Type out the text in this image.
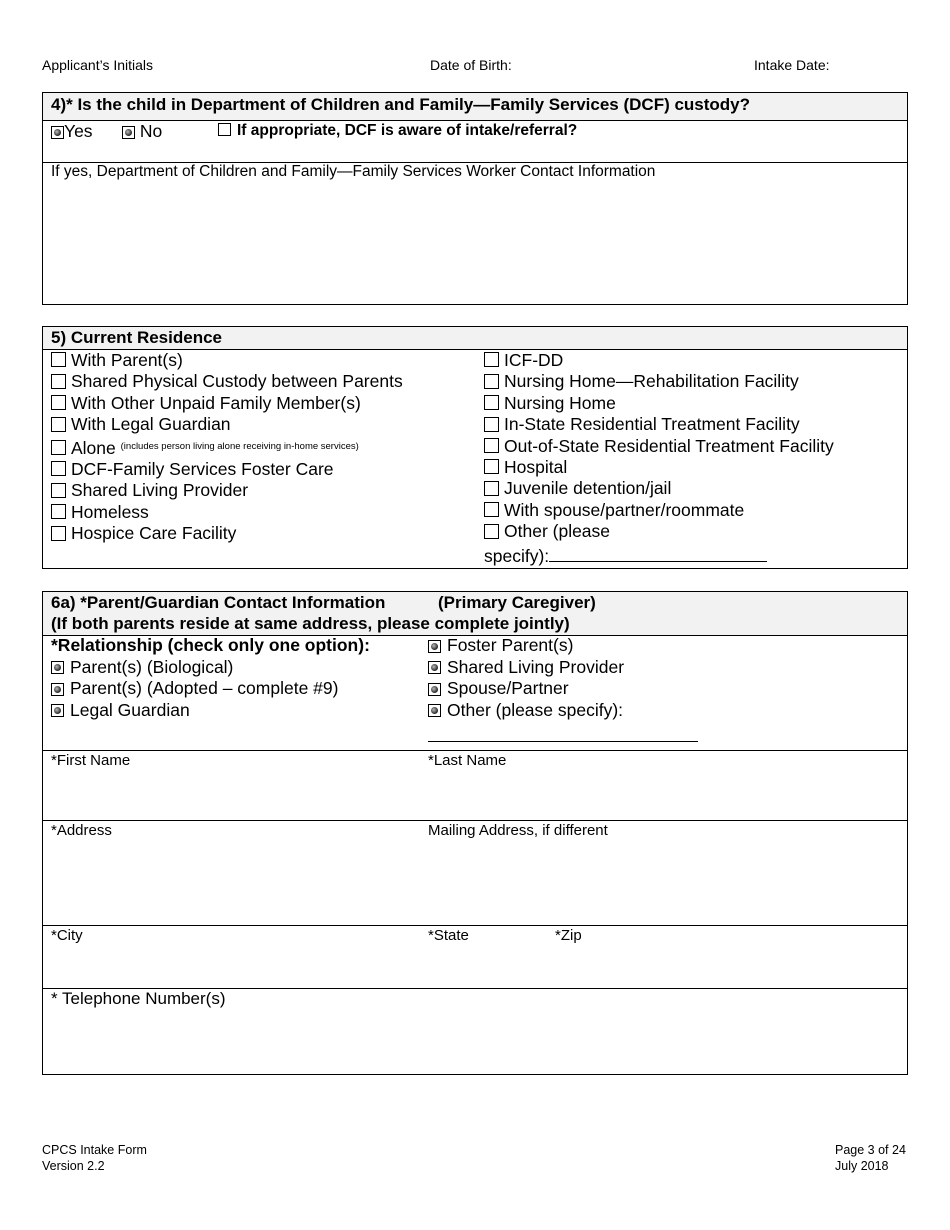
Applicant’s Initials	Date of Birth:	Intake Date:
4)* Is the child in Department of Children and Family—Family Services (DCF) custody?
Yes	No	If appropriate, DCF is aware of intake/referral?
If yes, Department of Children and Family—Family Services Worker Contact Information
5) Current Residence
With Parent(s)
Shared Physical Custody between Parents
With Other Unpaid Family Member(s)
With Legal Guardian
Alone $^{(includes person living alone receiving in-home services)}$
DCF-Family Services Foster Care
Shared Living Provider
Homeless
Hospice Care Facility
ICF-DD
Nursing Home—Rehabilitation Facility
Nursing Home
In-State Residential Treatment Facility
Out-of-State Residential Treatment Facility
Hospital
Juvenile detention/jail
With spouse/partner/roommate
Other (please
specify):
6a) *Parent/Guardian Contact Information	(Primary Caregiver)
(If both parents reside at same address, please complete jointly)
*Relationship (check only one option):
Parent(s) (Biological)
Parent(s) (Adopted – complete #9)
Legal Guardian
Foster Parent(s)
Shared Living Provider
Spouse/Partner
Other (please specify):
*First Name	*Last Name
*Address	Mailing Address, if different
*City	*State	*Zip
* Telephone Number(s)
CPCS Intake Form
Version 2.2
Page 3 of 24
July 2018
